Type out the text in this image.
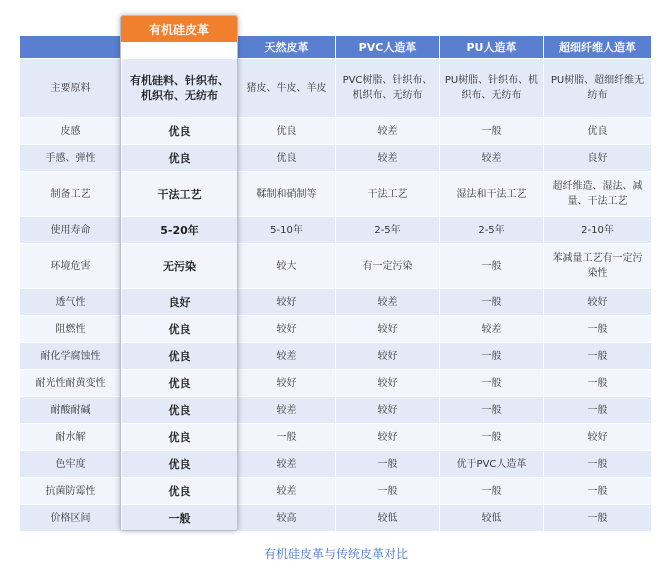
		天然皮革	PVC人造革	PU人造革	超细纤维人造革
主要原料	有机硅料、针织布、机织布、无纺布	猪皮、牛皮、羊皮	PVC树脂、针织布、机织布、无纺布	PU树脂、针织布、机织布、无纺布	PU树脂、超细纤维无纺布
皮感	优良	优良	较差	一般	优良
手感、弹性	优良	优良	较差	较差	良好
制备工艺	干法工艺	鞣制和硝制等	干法工艺	湿法和干法工艺	超纤维造、湿法、减量、干法工艺
使用寿命	5-20年	5-10年	2-5年	2-5年	2-10年
环境危害	无污染	较大	有一定污染	一般	苯减量工艺有一定污染性
透气性	良好	较好	较差	一般	较好
阻燃性	优良	较好	较好	较差	一般
耐化学腐蚀性	优良	较差	较好	一般	一般
耐光性耐黄变性	优良	较好	较好	一般	一般
耐酸耐碱	优良	较差	较好	一般	一般
耐水解	优良	一般	较好	一般	较好
色牢度	优良	较差	一般	优于PVC人造革	一般
抗菌防霉性	优良	较差	一般	一般	一般
价格区间	一般	较高	较低	较低	一般
有机硅皮革
有机硅皮革与传统皮革对比
